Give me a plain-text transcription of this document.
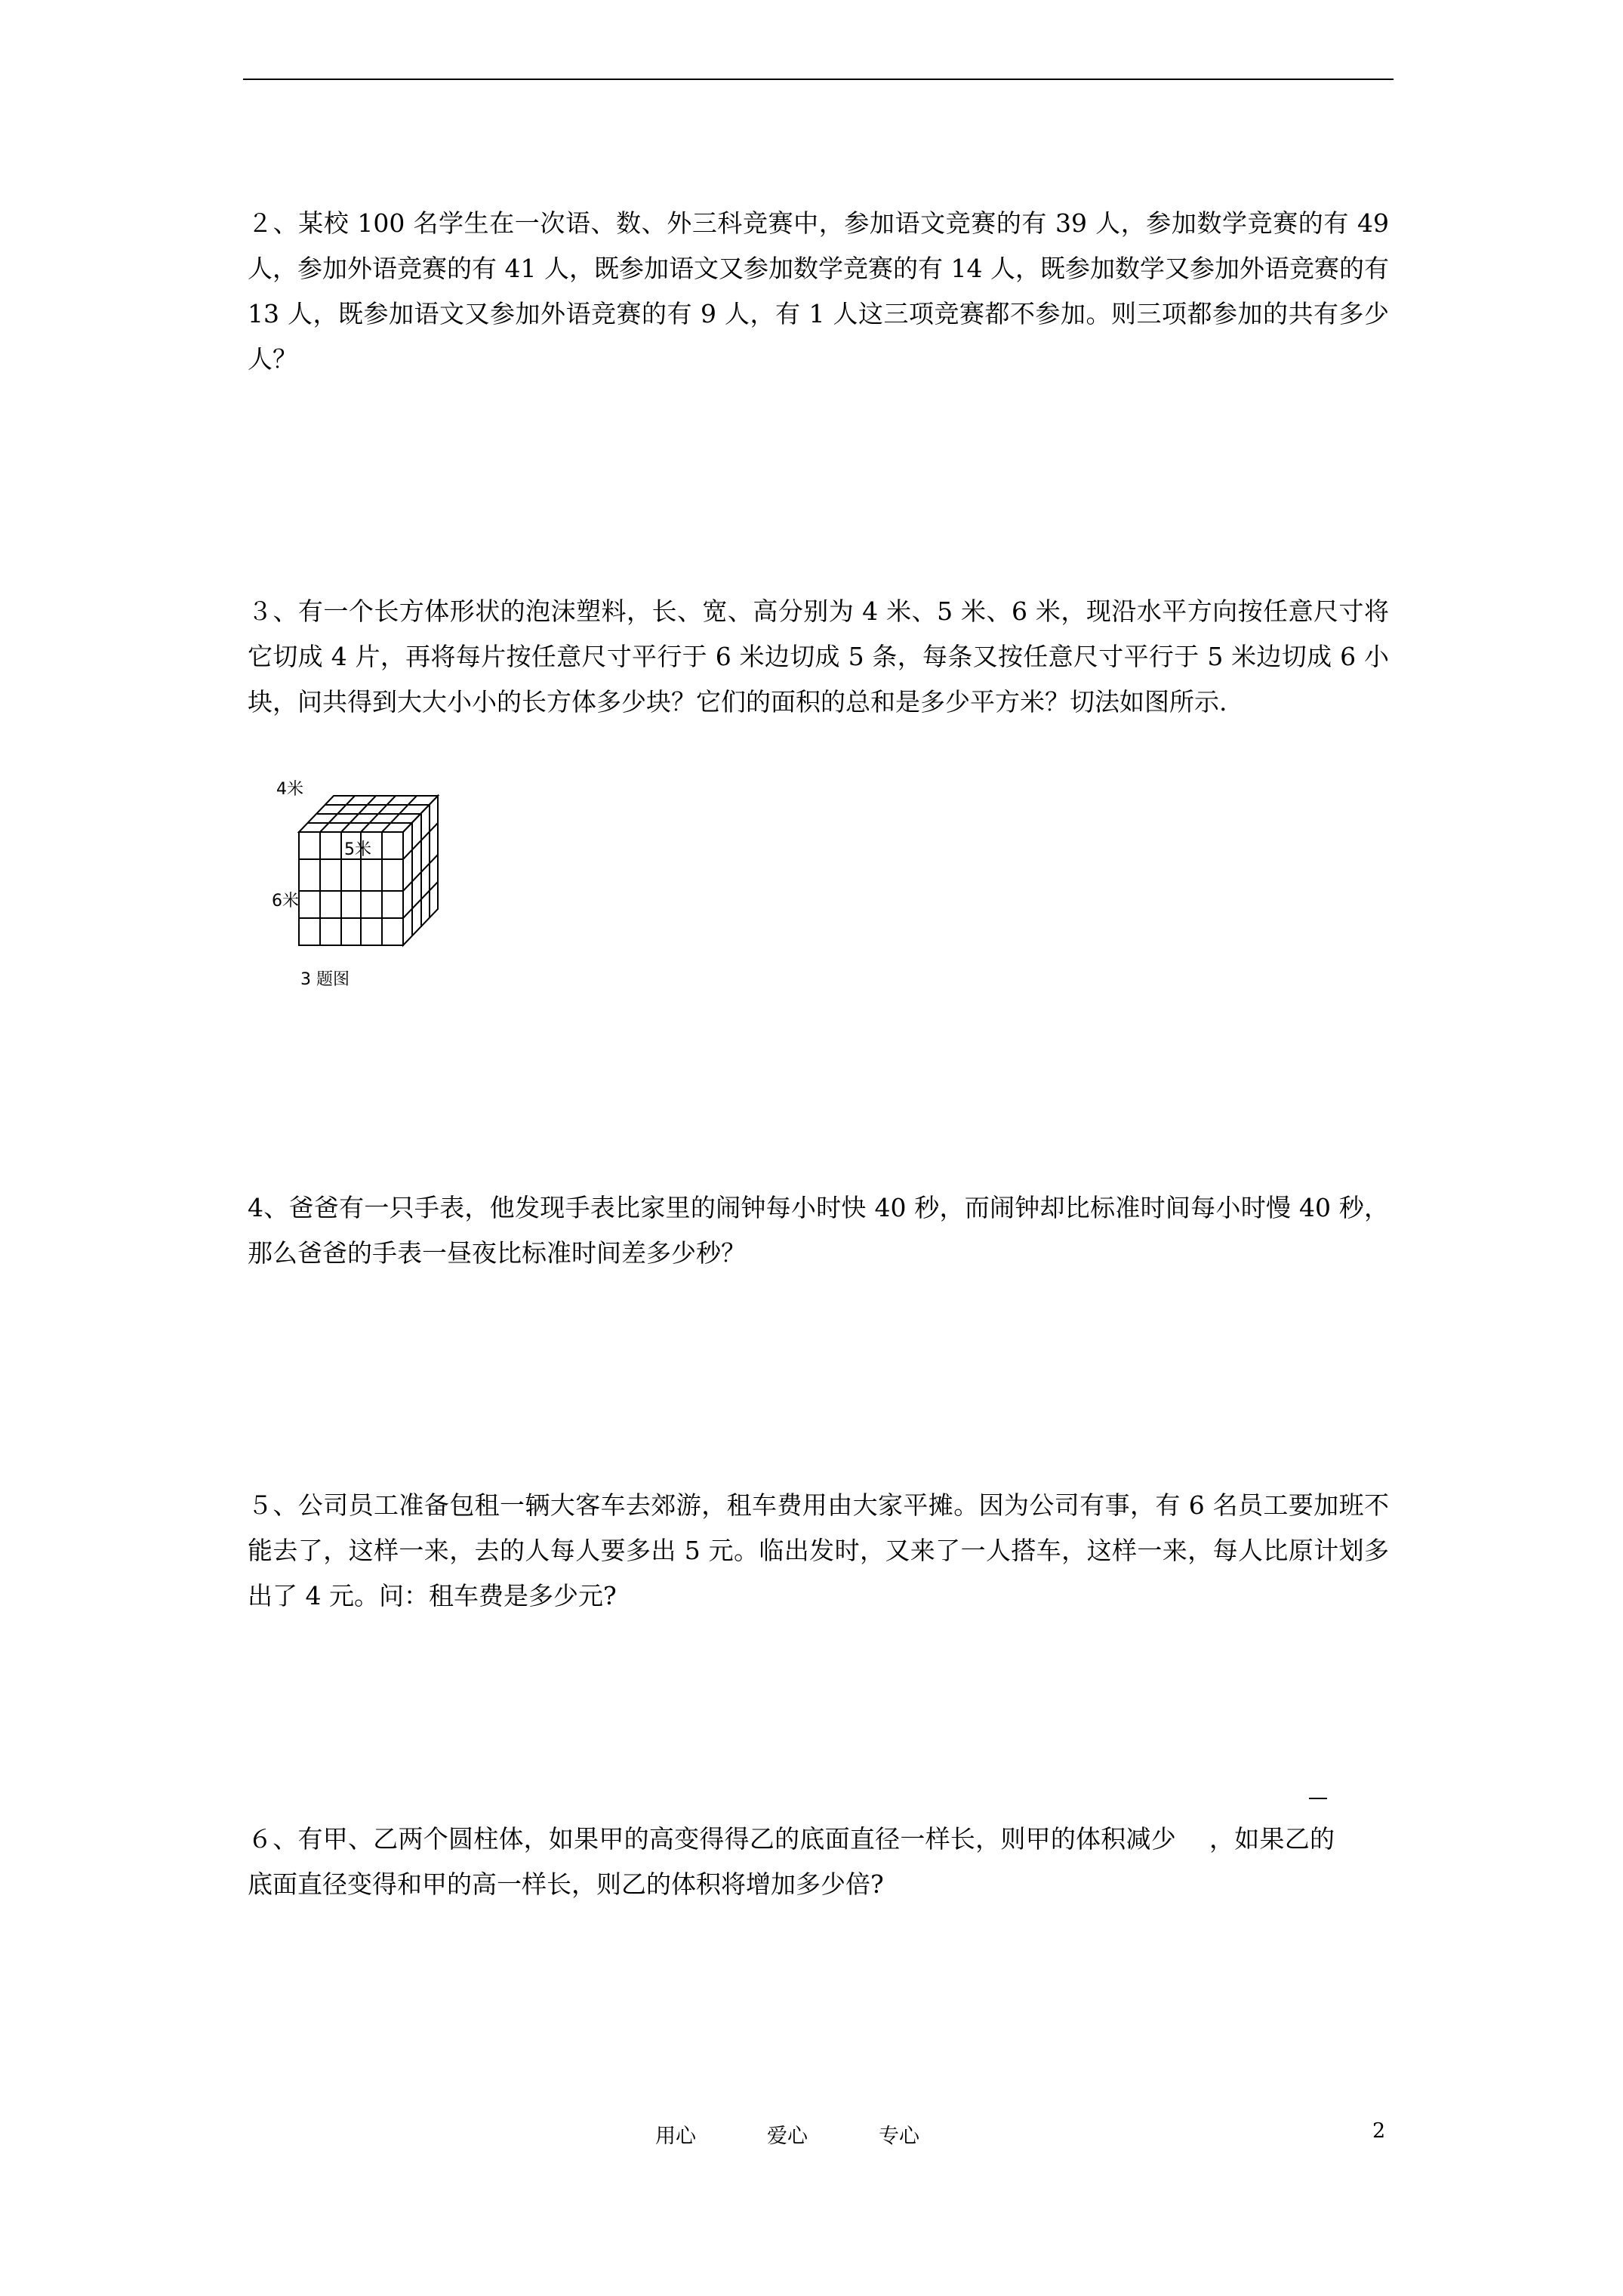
２、某校 100 名学生在一次语、数、外三科竞赛中，参加语文竞赛的有 39 人，参加数学竞赛的有 49 人，参加外语竞赛的有 41 人，既参加语文又参加数学竞赛的有 14 人，既参加数学又参加外语竞赛的有 13 人，既参加语文又参加外语竞赛的有 9 人，有 1 人这三项竞赛都不参加。则三项都参加的共有多少人？
３、有一个长方体形状的泡沫塑料，长、宽、高分别为 4 米、5 米、6 米，现沿水平方向按任意尺寸将它切成 4 片，再将每片按任意尺寸平行于 6 米边切成 5 条，每条又按任意尺寸平行于 5 米边切成 6 小块，问共得到大大小小的长方体多少块？它们的面积的总和是多少平方米？切法如图所示.
4米
5米
6米
3 题图
4、爸爸有一只手表，他发现手表比家里的闹钟每小时快 40 秒，而闹钟却比标准时间每小时慢 40 秒，那么爸爸的手表一昼夜比标准时间差多少秒？
５、公司员工准备包租一辆大客车去郊游，租车费用由大家平摊。因为公司有事，有 6 名员工要加班不能去了，这样一来，去的人每人要多出 5 元。临出发时，又来了一人搭车，这样一来，每人比原计划多出了 4 元。问：租车费是多少元?
６、有甲、乙两个圆柱体，如果甲的高变得得乙的底面直径一样长，则甲的体积减少 　，如果乙的底面直径变得和甲的高一样长，则乙的体积将增加多少倍?
用心	爱心	专心	2
